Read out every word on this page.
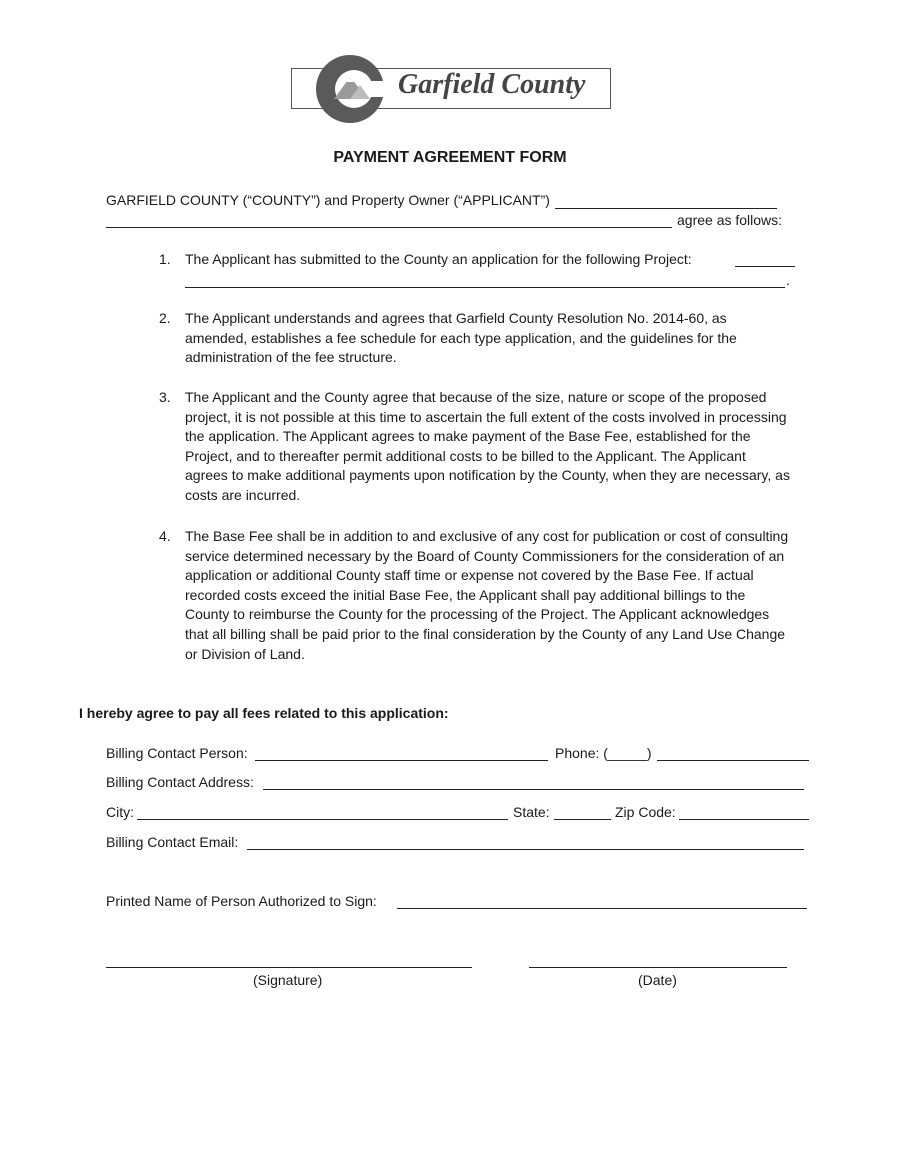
Garfield County
PAYMENT AGREEMENT FORM
GARFIELD COUNTY (“COUNTY”) and Property Owner (“APPLICANT”)
agree as follows:
1.	The Applicant has submitted to the County an application for the following Project:
.
2.	The Applicant understands and agrees that Garfield County Resolution No. 2014-60, as amended, establishes a fee schedule for each type application, and the guidelines for the administration of the fee structure.
3.	The Applicant and the County agree that because of the size, nature or scope of the proposed project, it is not possible at this time to ascertain the full extent of the costs involved in processing the application. The Applicant agrees to make payment of the Base Fee, established for the Project, and to thereafter permit additional costs to be billed to the Applicant. The Applicant agrees to make additional payments upon notification by the County, when they are necessary, as costs are incurred.
4.	The Base Fee shall be in addition to and exclusive of any cost for publication or cost of consulting service determined necessary by the Board of County Commissioners for the consideration of an application or additional County staff time or expense not covered by the Base Fee. If actual recorded costs exceed the initial Base Fee, the Applicant shall pay additional billings to the County to reimburse the County for the processing of the Project. The Applicant acknowledges that all billing shall be paid prior to the final consideration by the County of any Land Use Change or Division of Land.
I hereby agree to pay all fees related to this application:
Billing Contact Person:	Phone: (_____)
Billing Contact Address:
City:	State:	Zip Code:
Billing Contact Email:
Printed Name of Person Authorized to Sign:
(Signature)	(Date)
